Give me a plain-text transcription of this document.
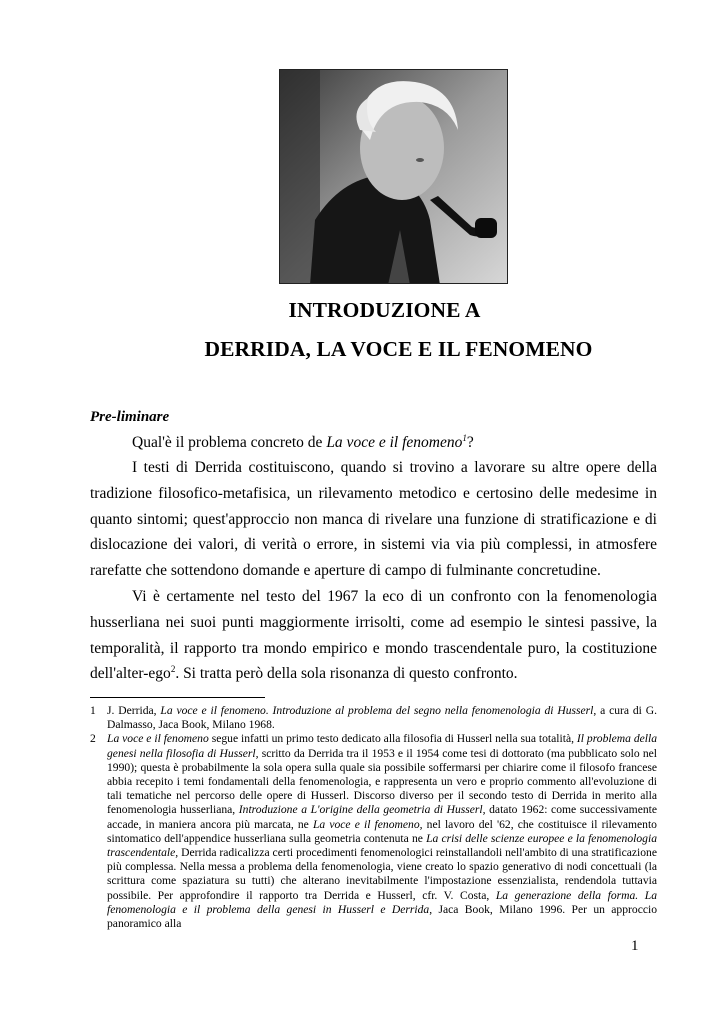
INTRODUZIONE A
DERRIDA, LA VOCE E IL FENOMENO
Pre-liminare

Qual'è il problema concreto de La voce e il fenomeno$^1$?

I testi di Derrida costituiscono, quando si trovino a lavorare su altre opere della tradizione filosofico-metafisica, un rilevamento metodico e certosino delle medesime in quanto sintomi; quest'approccio non manca di rivelare una funzione di stratificazione e di dislocazione dei valori, di verità o errore, in sistemi via via più complessi, in atmosfere rarefatte che sottendono domande e aperture di campo di fulminante concretudine.

Vi è certamente nel testo del 1967 la eco di un confronto con la fenomenologia husserliana nei suoi punti maggiormente irrisolti, come ad esempio le sintesi passive, la temporalità, il rapporto tra mondo empirico e mondo trascendentale puro, la costituzione dell'alter-ego$^2$. Si tratta però della sola risonanza di questo confronto.

1 J. Derrida, La voce e il fenomeno. Introduzione al problema del segno nella fenomenologia di Husserl, a cura di G. Dalmasso, Jaca Book, Milano 1968.
2 La voce e il fenomeno segue infatti un primo testo dedicato alla filosofia di Husserl nella sua totalità, Il problema della genesi nella filosofia di Husserl, scritto da Derrida tra il 1953 e il 1954 come tesi di dottorato (ma pubblicato solo nel 1990); questa è probabilmente la sola opera sulla quale sia possibile soffermarsi per chiarire come il filosofo francese abbia recepito i temi fondamentali della fenomenologia, e rappresenta un vero e proprio commento all'evoluzione di tali tematiche nel percorso delle opere di Husserl. Discorso diverso per il secondo testo di Derrida in merito alla fenomenologia husserliana, Introduzione a L'origine della geometria di Husserl, datato 1962: come successivamente accade, in maniera ancora più marcata, ne La voce e il fenomeno, nel lavoro del '62, che costituisce il rilevamento sintomatico dell'appendice husserliana sulla geometria contenuta ne La crisi delle scienze europee e la fenomenologia trascendentale, Derrida radicalizza certi procedimenti fenomenologici reinstallandoli nell'ambito di una stratificazione più complessa. Nella messa a problema della fenomenologia, viene creato lo spazio generativo di nodi concettuali (la scrittura come spaziatura su tutti) che alterano inevitabilmente l'impostazione essenzialista, rendendola tuttavia possibile. Per approfondire il rapporto tra Derrida e Husserl, cfr. V. Costa, La generazione della forma. La fenomenologia e il problema della genesi in Husserl e Derrida, Jaca Book, Milano 1996. Per un approccio panoramico alla
1
